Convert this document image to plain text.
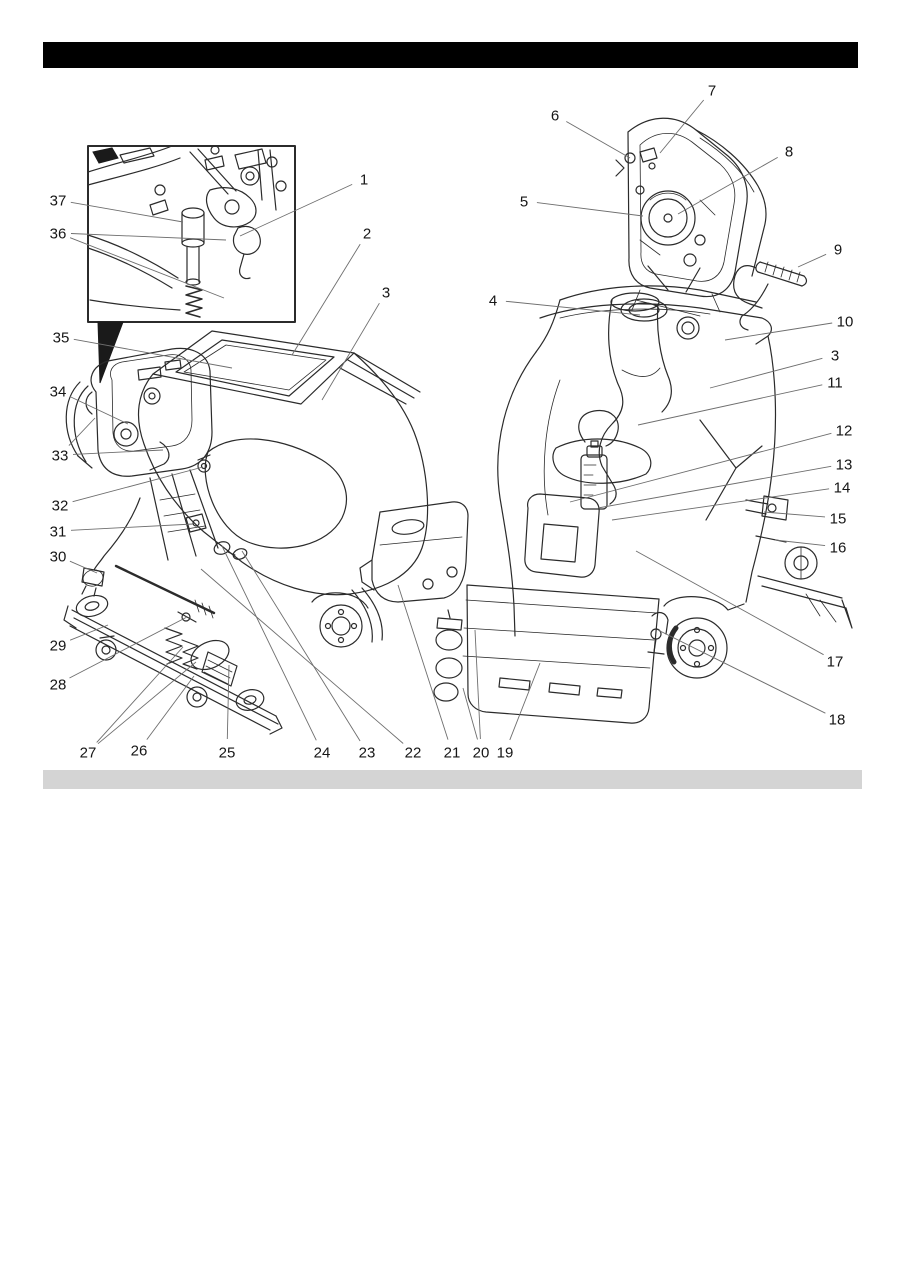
1
2
3	4
5
6
7
8
9
10
3
11
12
13
14
15
16
17
18
19
20
21
22
23
24
25
26
27
28
29
30
31
32
33
34
35
36
37
